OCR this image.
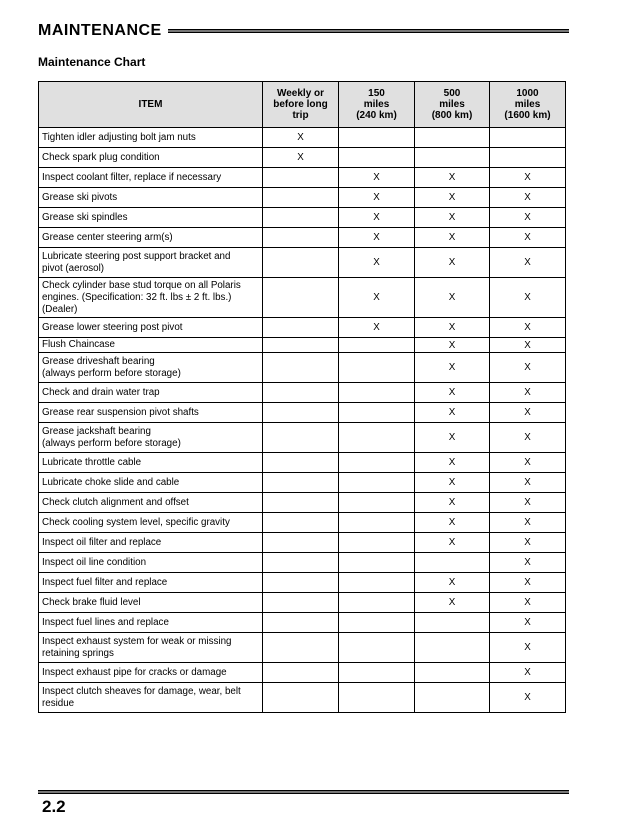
MAINTENANCE
Maintenance Chart
ITEM	Weekly or
before long
trip	150
miles
(240 km)	500
miles
(800 km)	1000
miles
(1600 km)

Tighten idler adjusting bolt jam nuts	X			
Check spark plug condition	X			
Inspect coolant filter, replace if necessary		X	X	X
Grease ski pivots		X	X	X
Grease ski spindles		X	X	X
Grease center steering arm(s)		X	X	X
Lubricate steering post support bracket and
pivot (aerosol)		X	X	X
Check cylinder base stud torque on all Polaris
engines. (Specification: 32 ft. lbs ± 2 ft. lbs.)
(Dealer)		X	X	X
Grease lower steering post pivot		X	X	X
Flush Chaincase			X	X
Grease driveshaft bearing
(always perform before storage)			X	X
Check and drain water trap			X	X
Grease rear suspension pivot shafts			X	X
Grease jackshaft bearing
(always perform before storage)			X	X
Lubricate throttle cable			X	X
Lubricate choke slide and cable			X	X
Check clutch alignment and offset			X	X
Check cooling system level, specific gravity			X	X
Inspect oil filter and replace			X	X
Inspect oil line condition				X
Inspect fuel filter and replace			X	X
Check brake fluid level			X	X
Inspect fuel lines and replace				X
Inspect exhaust system for weak or missing
retaining springs				X
Inspect exhaust pipe for cracks or damage				X
Inspect clutch sheaves for damage, wear, belt
residue				X
2.2
